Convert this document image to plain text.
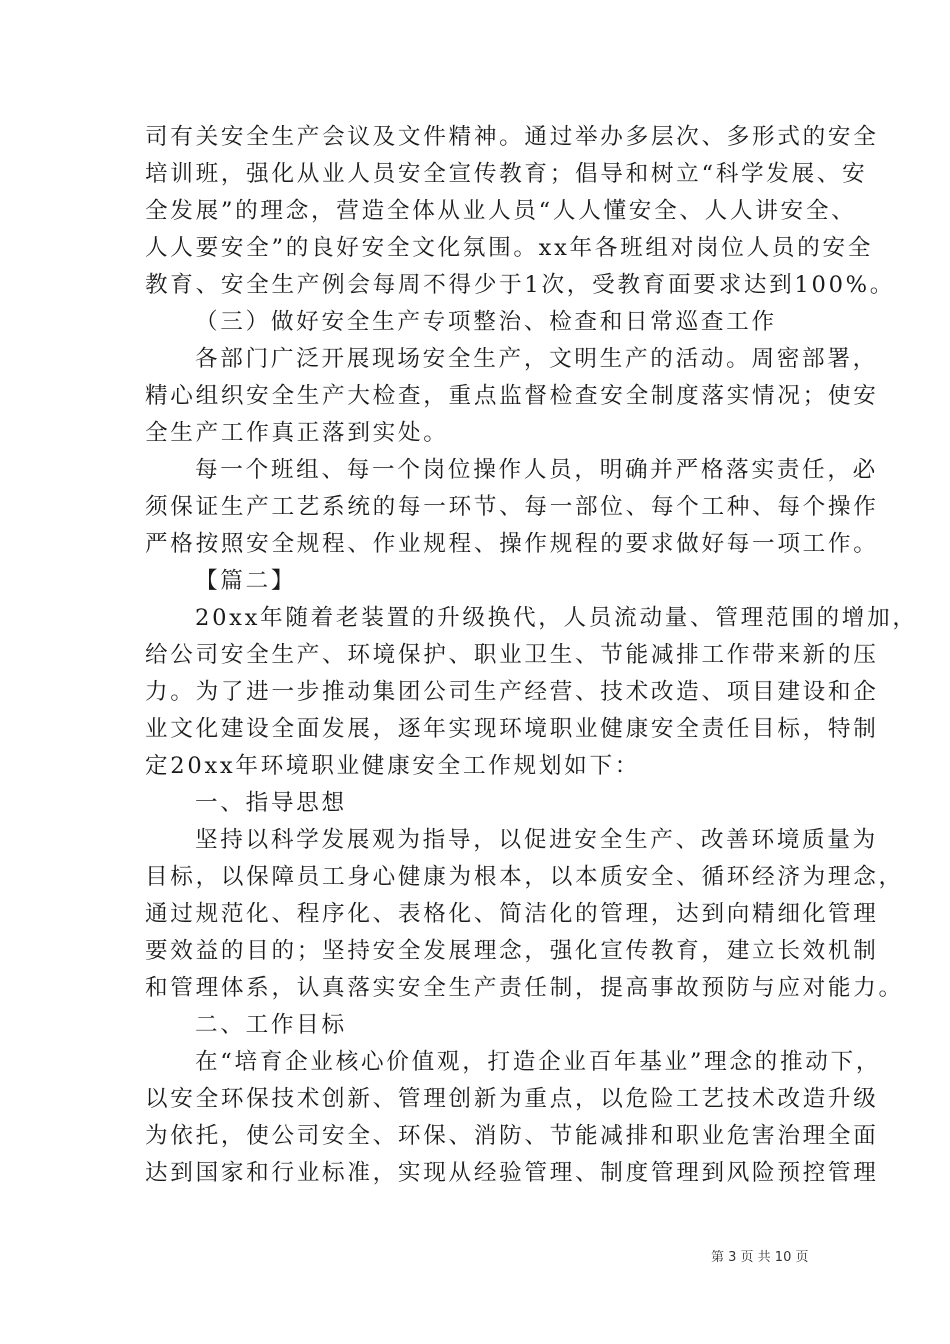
司有关安全生产会议及文件精神。通过举办多层次、多形式的安全
培训班，强化从业人员安全宣传教育；倡导和树立“科学发展、安
全发展”的理念，营造全体从业人员“人人懂安全、人人讲安全、
人人要安全”的良好安全文化氛围。xx年各班组对岗位人员的安全
教育、安全生产例会每周不得少于1次，受教育面要求达到100%。
（三）做好安全生产专项整治、检查和日常巡查工作
各部门广泛开展现场安全生产，文明生产的活动。周密部署，
精心组织安全生产大检查，重点监督检查安全制度落实情况；使安
全生产工作真正落到实处。
每一个班组、每一个岗位操作人员，明确并严格落实责任，必
须保证生产工艺系统的每一环节、每一部位、每个工种、每个操作
严格按照安全规程、作业规程、操作规程的要求做好每一项工作。
【篇二】
20xx年随着老装置的升级换代，人员流动量、管理范围的增加，
给公司安全生产、环境保护、职业卫生、节能减排工作带来新的压
力。为了进一步推动集团公司生产经营、技术改造、项目建设和企
业文化建设全面发展，逐年实现环境职业健康安全责任目标，特制
定20xx年环境职业健康安全工作规划如下：
一、指导思想
坚持以科学发展观为指导，以促进安全生产、改善环境质量为
目标，以保障员工身心健康为根本，以本质安全、循环经济为理念，
通过规范化、程序化、表格化、简洁化的管理，达到向精细化管理
要效益的目的；坚持安全发展理念，强化宣传教育，建立长效机制
和管理体系，认真落实安全生产责任制，提高事故预防与应对能力。
二、工作目标
在“培育企业核心价值观，打造企业百年基业”理念的推动下，
以安全环保技术创新、管理创新为重点，以危险工艺技术改造升级
为依托，使公司安全、环保、消防、节能减排和职业危害治理全面
达到国家和行业标准，实现从经验管理、制度管理到风险预控管理
第 3 页 共 10 页
